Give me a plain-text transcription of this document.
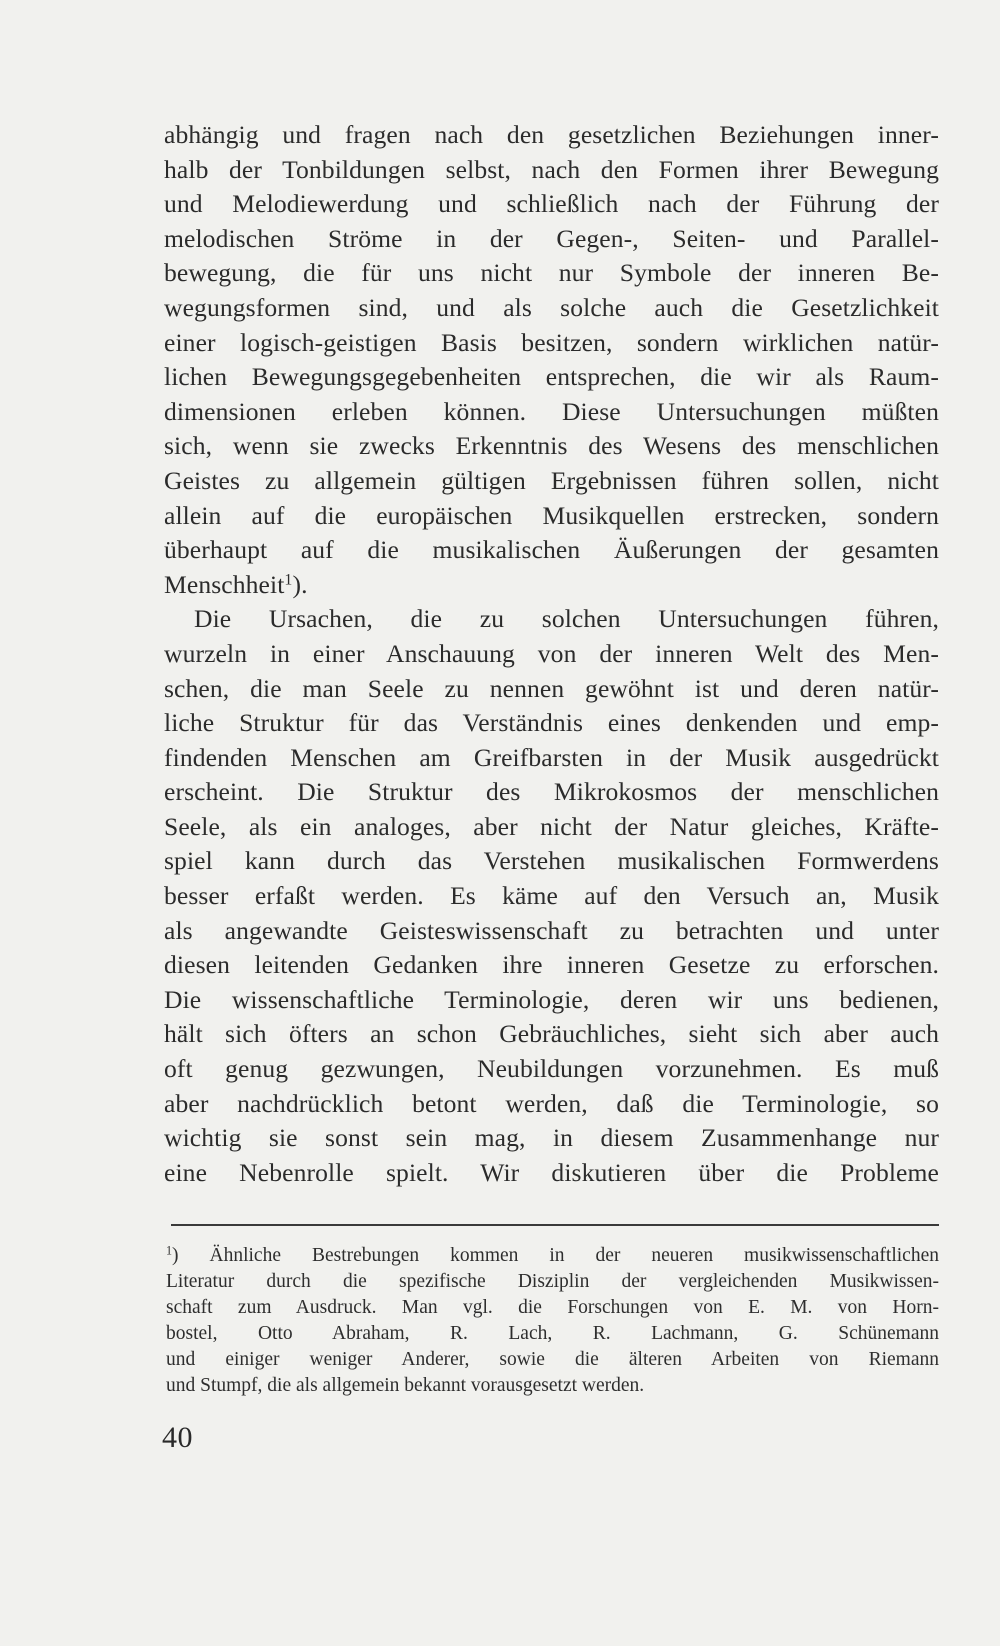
abhängig und fragen nach den gesetzlichen Beziehungen inner-
halb der Tonbildungen selbst, nach den Formen ihrer Bewegung
und Melodiewerdung und schließlich nach der Führung der
melodischen Ströme in der Gegen-, Seiten- und Parallel-
bewegung, die für uns nicht nur Symbole der inneren Be-
wegungsformen sind, und als solche auch die Gesetzlichkeit
einer logisch-geistigen Basis besitzen, sondern wirklichen natür-
lichen Bewegungsgegebenheiten entsprechen, die wir als Raum-
dimensionen erleben können. Diese Untersuchungen müßten
sich, wenn sie zwecks Erkenntnis des Wesens des menschlichen
Geistes zu allgemein gültigen Ergebnissen führen sollen, nicht
allein auf die europäischen Musikquellen erstrecken, sondern
überhaupt auf die musikalischen Äußerungen der gesamten
Menschheit$^1$).
Die Ursachen, die zu solchen Untersuchungen führen,
wurzeln in einer Anschauung von der inneren Welt des Men-
schen, die man Seele zu nennen gewöhnt ist und deren natür-
liche Struktur für das Verständnis eines denkenden und emp-
findenden Menschen am Greifbarsten in der Musik ausgedrückt
erscheint. Die Struktur des Mikrokosmos der menschlichen
Seele, als ein analoges, aber nicht der Natur gleiches, Kräfte-
spiel kann durch das Verstehen musikalischen Formwerdens
besser erfaßt werden. Es käme auf den Versuch an, Musik
als angewandte Geisteswissenschaft zu betrachten und unter
diesen leitenden Gedanken ihre inneren Gesetze zu erforschen.
Die wissenschaftliche Terminologie, deren wir uns bedienen,
hält sich öfters an schon Gebräuchliches, sieht sich aber auch
oft genug gezwungen, Neubildungen vorzunehmen. Es muß
aber nachdrücklich betont werden, daß die Terminologie, so
wichtig sie sonst sein mag, in diesem Zusammenhange nur
eine Nebenrolle spielt. Wir diskutieren über die Probleme
$^1$) Ähnliche Bestrebungen kommen in der neueren musikwissenschaftlichen
Literatur durch die spezifische Disziplin der vergleichenden Musikwissen-
schaft zum Ausdruck. Man vgl. die Forschungen von E. M. von Horn-
bostel, Otto Abraham, R. Lach, R. Lachmann, G. Schünemann
und einiger weniger Anderer, sowie die älteren Arbeiten von Riemann
und Stumpf, die als allgemein bekannt vorausgesetzt werden.
40
